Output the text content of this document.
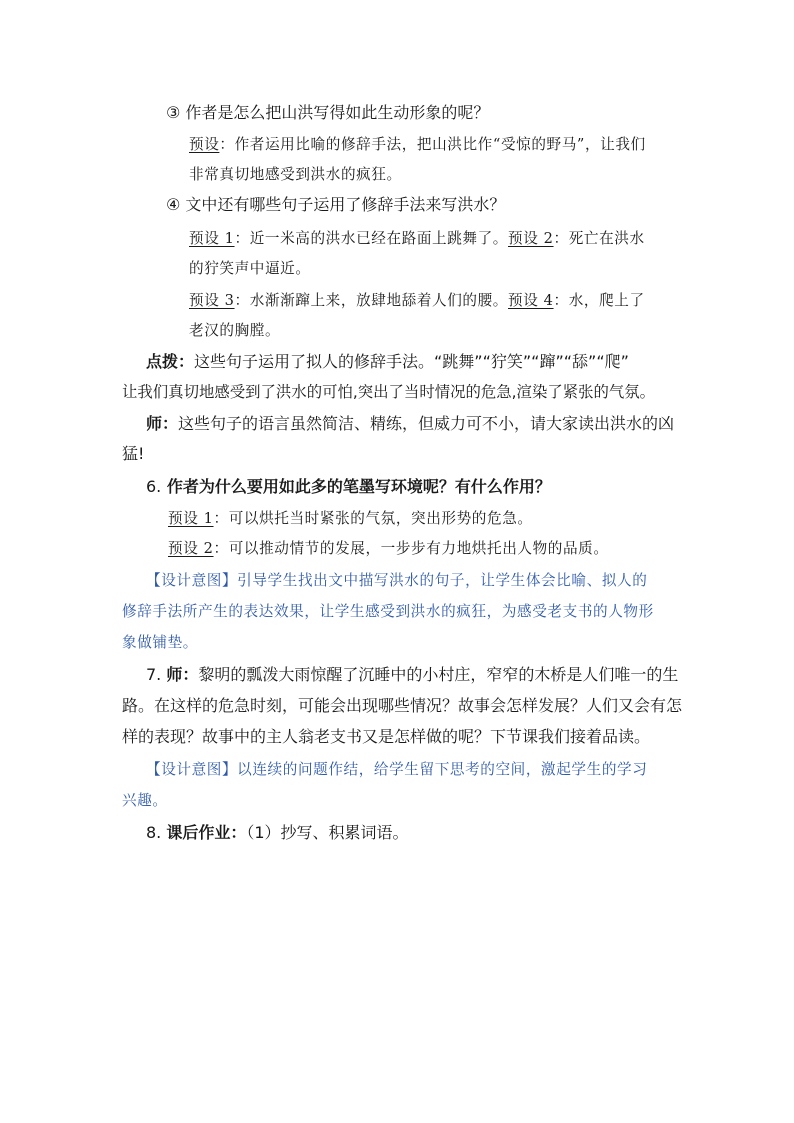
③ 作者是怎么把山洪写得如此生动形象的呢？
预设：作者运用比喻的修辞手法，把山洪比作“受惊的野马”，让我们
非常真切地感受到洪水的疯狂。
④ 文中还有哪些句子运用了修辞手法来写洪水？
预设 1：近一米高的洪水已经在路面上跳舞了。预设 2：死亡在洪水
的狞笑声中逼近。
预设 3：水渐渐蹿上来，放肆地舔着人们的腰。预设 4：水，爬上了
老汉的胸膛。
点拨：这些句子运用了拟人的修辞手法。“跳舞”“狞笑”“蹿”“舔”“爬”
让我们真切地感受到了洪水的可怕,突出了当时情况的危急,渲染了紧张的气氛。
师：这些句子的语言虽然简洁、精练，但威力可不小，请大家读出洪水的凶
猛!
6. 作者为什么要用如此多的笔墨写环境呢？有什么作用？
预设 1：可以烘托当时紧张的气氛，突出形势的危急。
预设 2：可以推动情节的发展，一步步有力地烘托出人物的品质。
【设计意图】引导学生找出文中描写洪水的句子，让学生体会比喻、拟人的
修辞手法所产生的表达效果，让学生感受到洪水的疯狂，为感受老支书的人物形
象做铺垫。
7. 师：黎明的瓢泼大雨惊醒了沉睡中的小村庄，窄窄的木桥是人们唯一的生
路。在这样的危急时刻，可能会出现哪些情况？故事会怎样发展？人们又会有怎
样的表现？故事中的主人翁老支书又是怎样做的呢？下节课我们接着品读。
【设计意图】以连续的问题作结，给学生留下思考的空间，激起学生的学习
兴趣。
8. 课后作业：（1）抄写、积累词语。
